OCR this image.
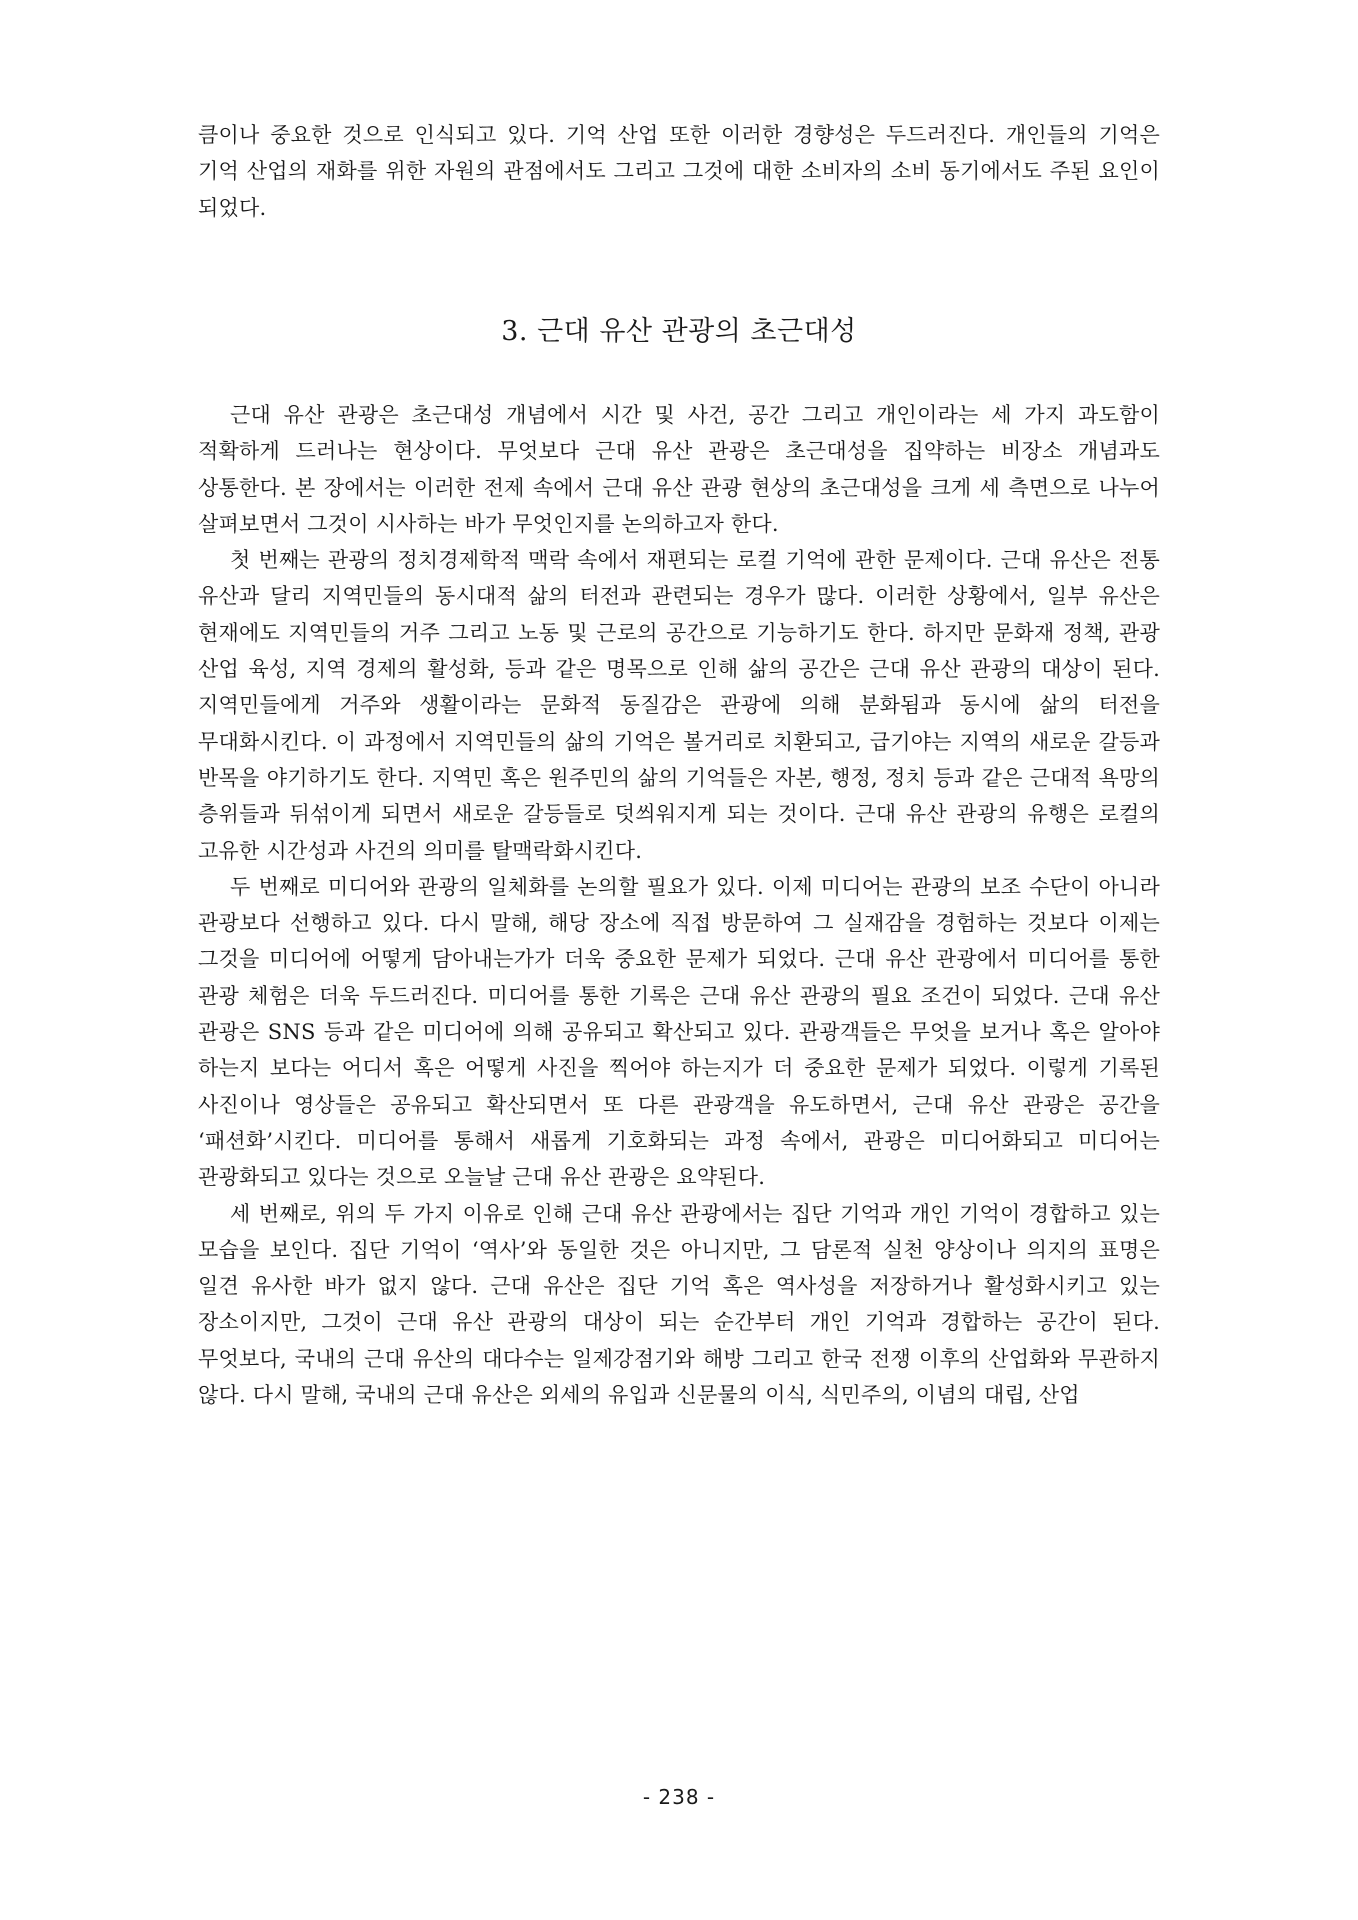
큼이나 중요한 것으로 인식되고 있다. 기억 산업 또한 이러한 경향성은 두드러진다. 개인들의 기억은 기억 산업의 재화를 위한 자원의 관점에서도 그리고 그것에 대한 소비자의 소비 동기에서도 주된 요인이 되었다.

3. 근대 유산 관광의 초근대성

근대 유산 관광은 초근대성 개념에서 시간 및 사건, 공간 그리고 개인이라는 세 가지 과도함이 적확하게 드러나는 현상이다. 무엇보다 근대 유산 관광은 초근대성을 집약하는 비장소 개념과도 상통한다. 본 장에서는 이러한 전제 속에서 근대 유산 관광 현상의 초근대성을 크게 세 측면으로 나누어 살펴보면서 그것이 시사하는 바가 무엇인지를 논의하고자 한다.

첫 번째는 관광의 정치경제학적 맥락 속에서 재편되는 로컬 기억에 관한 문제이다. 근대 유산은 전통 유산과 달리 지역민들의 동시대적 삶의 터전과 관련되는 경우가 많다. 이러한 상황에서, 일부 유산은 현재에도 지역민들의 거주 그리고 노동 및 근로의 공간으로 기능하기도 한다. 하지만 문화재 정책, 관광 산업 육성, 지역 경제의 활성화, 등과 같은 명목으로 인해 삶의 공간은 근대 유산 관광의 대상이 된다. 지역민들에게 거주와 생활이라는 문화적 동질감은 관광에 의해 분화됨과 동시에 삶의 터전을 무대화시킨다. 이 과정에서 지역민들의 삶의 기억은 볼거리로 치환되고, 급기야는 지역의 새로운 갈등과 반목을 야기하기도 한다. 지역민 혹은 원주민의 삶의 기억들은 자본, 행정, 정치 등과 같은 근대적 욕망의 층위들과 뒤섞이게 되면서 새로운 갈등들로 덧씌워지게 되는 것이다. 근대 유산 관광의 유행은 로컬의 고유한 시간성과 사건의 의미를 탈맥락화시킨다.

두 번째로 미디어와 관광의 일체화를 논의할 필요가 있다. 이제 미디어는 관광의 보조 수단이 아니라 관광보다 선행하고 있다. 다시 말해, 해당 장소에 직접 방문하여 그 실재감을 경험하는 것보다 이제는 그것을 미디어에 어떻게 담아내는가가 더욱 중요한 문제가 되었다. 근대 유산 관광에서 미디어를 통한 관광 체험은 더욱 두드러진다. 미디어를 통한 기록은 근대 유산 관광의 필요 조건이 되었다. 근대 유산 관광은 SNS 등과 같은 미디어에 의해 공유되고 확산되고 있다. 관광객들은 무엇을 보거나 혹은 알아야 하는지 보다는 어디서 혹은 어떻게 사진을 찍어야 하는지가 더 중요한 문제가 되었다. 이렇게 기록된 사진이나 영상들은 공유되고 확산되면서 또 다른 관광객을 유도하면서, 근대 유산 관광은 공간을 ‘패션화’시킨다. 미디어를 통해서 새롭게 기호화되는 과정 속에서, 관광은 미디어화되고 미디어는 관광화되고 있다는 것으로 오늘날 근대 유산 관광은 요약된다.

세 번째로, 위의 두 가지 이유로 인해 근대 유산 관광에서는 집단 기억과 개인 기억이 경합하고 있는 모습을 보인다. 집단 기억이 ‘역사’와 동일한 것은 아니지만, 그 담론적 실천 양상이나 의지의 표명은 일견 유사한 바가 없지 않다. 근대 유산은 집단 기억 혹은 역사성을 저장하거나 활성화시키고 있는 장소이지만, 그것이 근대 유산 관광의 대상이 되는 순간부터 개인 기억과 경합하는 공간이 된다. 무엇보다, 국내의 근대 유산의 대다수는 일제강점기와 해방 그리고 한국 전쟁 이후의 산업화와 무관하지 않다. 다시 말해, 국내의 근대 유산은 외세의 유입과 신문물의 이식, 식민주의, 이념의 대립, 산업

- 238 -
